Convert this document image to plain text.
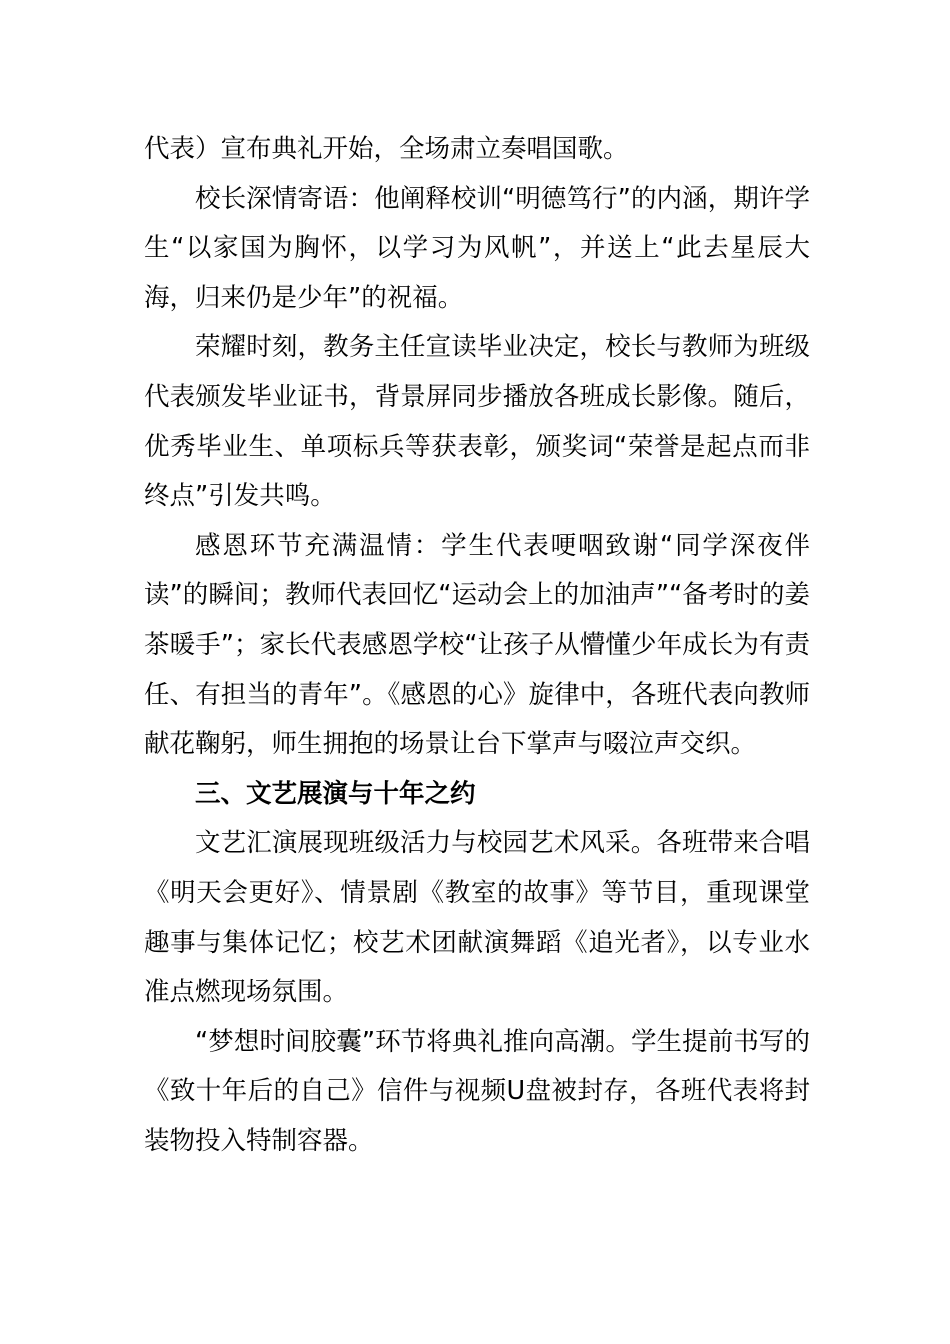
代表）宣布典礼开始，全场肃立奏唱国歌。

校长深情寄语：他阐释校训“明德笃行”的内涵，期许学生“以家国为胸怀，以学习为风帆”，并送上“此去星辰大海，归来仍是少年”的祝福。

荣耀时刻，教务主任宣读毕业决定，校长与教师为班级代表颁发毕业证书，背景屏同步播放各班成长影像。随后，优秀毕业生、单项标兵等获表彰，颁奖词“荣誉是起点而非终点”引发共鸣。

感恩环节充满温情：学生代表哽咽致谢“同学深夜伴读”的瞬间；教师代表回忆“运动会上的加油声”“备考时的姜茶暖手”；家长代表感恩学校“让孩子从懵懂少年成长为有责任、有担当的青年”。《感恩的心》旋律中，各班代表向教师献花鞠躬，师生拥抱的场景让台下掌声与啜泣声交织。

三、文艺展演与十年之约

文艺汇演展现班级活力与校园艺术风采。各班带来合唱《明天会更好》、情景剧《教室的故事》等节目，重现课堂趣事与集体记忆；校艺术团献演舞蹈《追光者》，以专业水准点燃现场氛围。

“梦想时间胶囊”环节将典礼推向高潮。学生提前书写的《致十年后的自己》信件与视频U盘被封存，各班代表将封装物投入特制容器。
